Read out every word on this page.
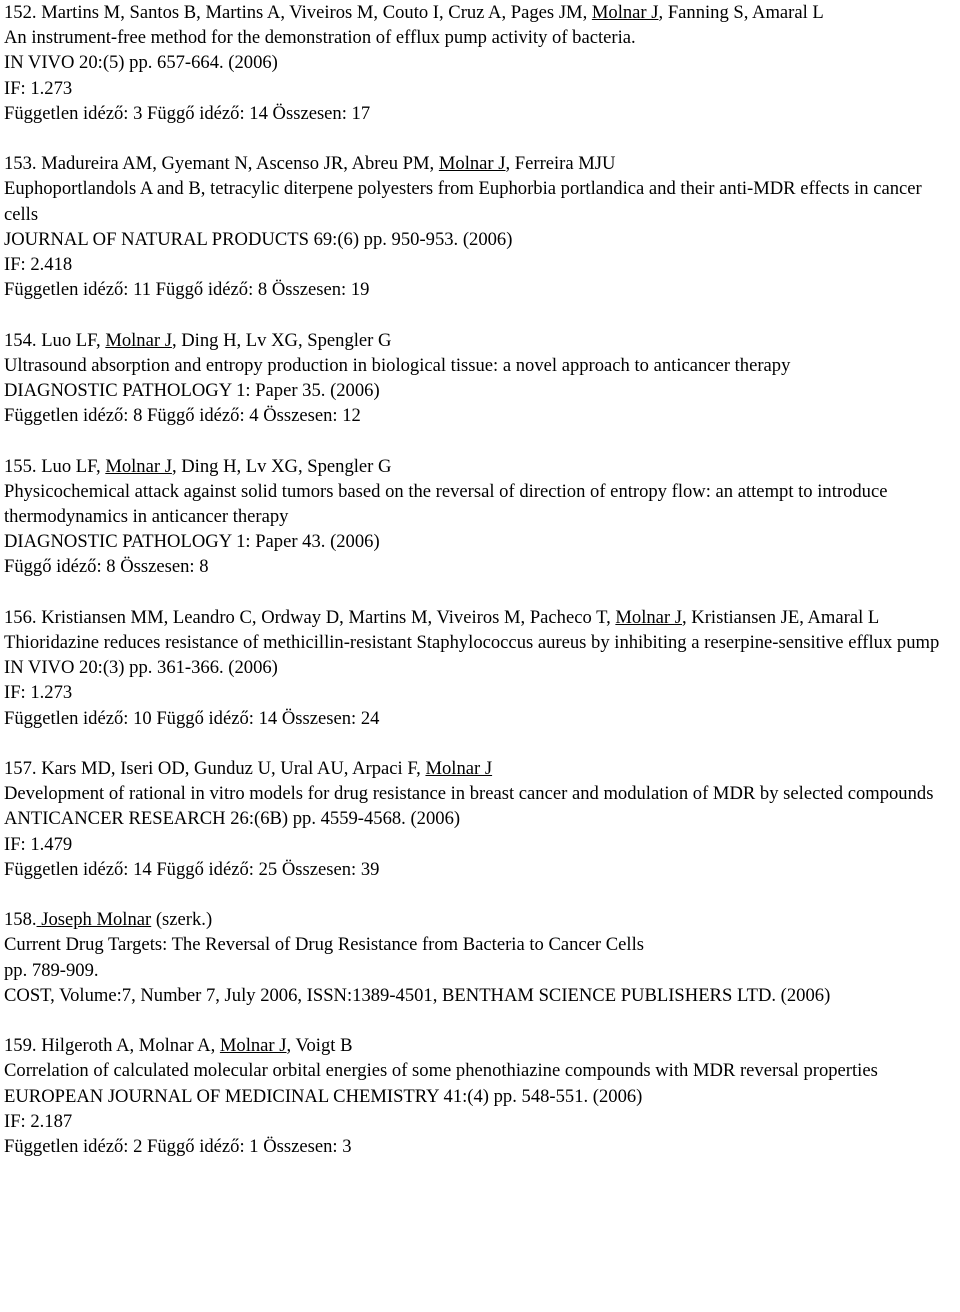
152. Martins M, Santos B, Martins A, Viveiros M, Couto I, Cruz A, Pages JM, Molnar J, Fanning S, Amaral L
An instrument-free method for the demonstration of efflux pump activity of bacteria.
IN VIVO 20:(5) pp. 657-664. (2006)
IF: 1.273
Független idéző: 3 Függő idéző: 14 Összesen: 17
153. Madureira AM, Gyemant N, Ascenso JR, Abreu PM, Molnar J, Ferreira MJU
Euphoportlandols A and B, tetracylic diterpene polyesters from Euphorbia portlandica and their anti-MDR effects in cancer cells
JOURNAL OF NATURAL PRODUCTS 69:(6) pp. 950-953. (2006)
IF: 2.418
Független idéző: 11 Függő idéző: 8 Összesen: 19
154. Luo LF, Molnar J, Ding H, Lv XG, Spengler G
Ultrasound absorption and entropy production in biological tissue: a novel approach to anticancer therapy
DIAGNOSTIC PATHOLOGY 1: Paper 35. (2006)
Független idéző: 8 Függő idéző: 4 Összesen: 12
155. Luo LF, Molnar J, Ding H, Lv XG, Spengler G
Physicochemical attack against solid tumors based on the reversal of direction of entropy flow: an attempt to introduce thermodynamics in anticancer therapy
DIAGNOSTIC PATHOLOGY 1: Paper 43. (2006)
Függő idéző: 8 Összesen: 8
156. Kristiansen MM, Leandro C, Ordway D, Martins M, Viveiros M, Pacheco T, Molnar J, Kristiansen JE, Amaral L
Thioridazine reduces resistance of methicillin-resistant Staphylococcus aureus by inhibiting a reserpine-sensitive efflux pump
IN VIVO 20:(3) pp. 361-366. (2006)
IF: 1.273
Független idéző: 10 Függő idéző: 14 Összesen: 24
157. Kars MD, Iseri OD, Gunduz U, Ural AU, Arpaci F, Molnar J
Development of rational in vitro models for drug resistance in breast cancer and modulation of MDR by selected compounds
ANTICANCER RESEARCH 26:(6B) pp. 4559-4568. (2006)
IF: 1.479
Független idéző: 14 Függő idéző: 25 Összesen: 39
158. Joseph Molnar (szerk.)
Current Drug Targets: The Reversal of Drug Resistance from Bacteria to Cancer Cells
pp. 789-909.
COST, Volume:7, Number 7, July 2006, ISSN:1389-4501, BENTHAM SCIENCE PUBLISHERS LTD. (2006)
159. Hilgeroth A, Molnar A, Molnar J, Voigt B
Correlation of calculated molecular orbital energies of some phenothiazine compounds with MDR reversal properties
EUROPEAN JOURNAL OF MEDICINAL CHEMISTRY 41:(4) pp. 548-551. (2006)
IF: 2.187
Független idéző: 2 Függő idéző: 1 Összesen: 3
